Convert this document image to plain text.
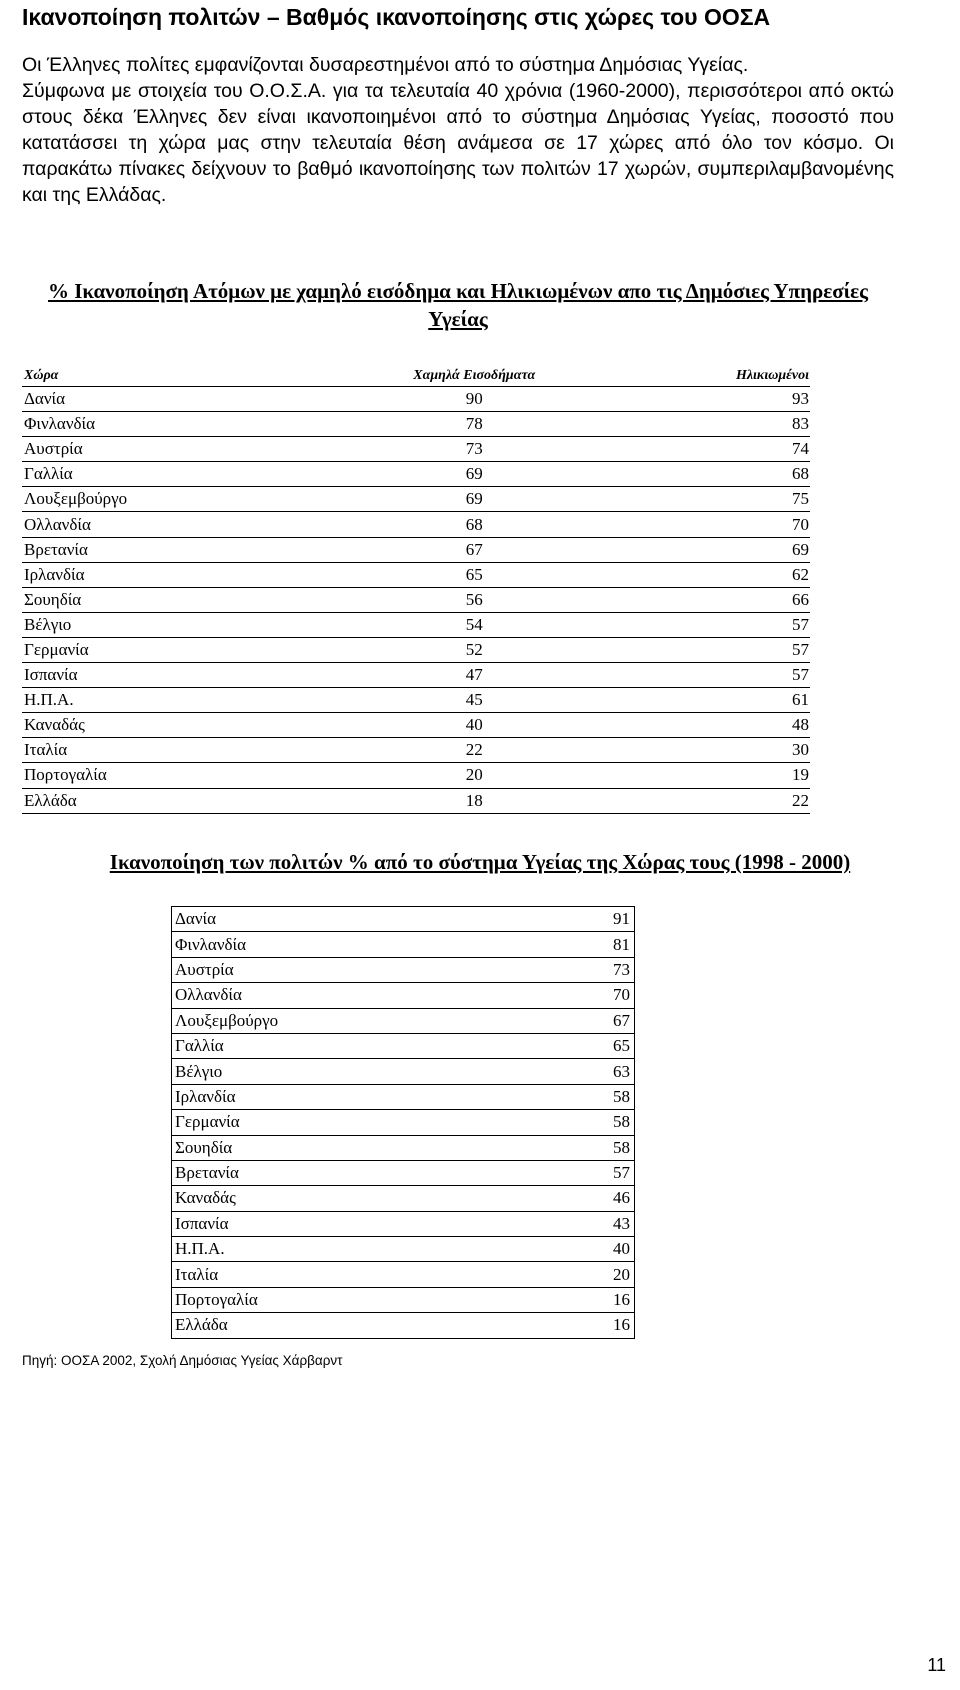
Ικανοποίηση πολιτών – Βαθμός ικανοποίησης στις χώρες του ΟΟΣΑ

Οι Έλληνες πολίτες εμφανίζονται δυσαρεστημένοι από το σύστημα Δημόσιας Υγείας.

Σύμφωνα με στοιχεία του Ο.Ο.Σ.Α. για τα τελευταία 40 χρόνια (1960-2000), περισσότεροι από οκτώ στους δέκα Έλληνες δεν είναι ικανοποιημένοι από το σύστημα Δημόσιας Υγείας, ποσοστό που κατατάσσει τη χώρα μας στην τελευταία θέση ανάμεσα σε 17 χώρες από όλο τον κόσμο. Οι παρακάτω πίνακες δείχνουν το βαθμό ικανοποίησης των πολιτών 17 χωρών, συμπεριλαμβανομένης και της Ελλάδας.

% Ικανοποίηση Ατόμων με χαμηλό εισόδημα και Ηλικιωμένων απο τις Δημόσιες Υπηρεσίες Υγείας
Χώρα	Χαμηλά Εισοδήματα	Ηλικιωμένοι
Δανία	90	93
Φινλανδία	78	83
Αυστρία	73	74
Γαλλία	69	68
Λουξεμβούργο	69	75
Ολλανδία	68	70
Βρετανία	67	69
Ιρλανδία	65	62
Σουηδία	56	66
Βέλγιο	54	57
Γερμανία	52	57
Ισπανία	47	57
Η.Π.Α.	45	61
Καναδάς	40	48
Ιταλία	22	30
Πορτογαλία	20	19
Ελλάδα	18	22
Ικανοποίηση των πολιτών % από το σύστημα Υγείας της Χώρας τους (1998 - 2000)
Δανία	91
Φινλανδία	81
Αυστρία	73
Ολλανδία	70
Λουξεμβούργο	67
Γαλλία	65
Βέλγιο	63
Ιρλανδία	58
Γερμανία	58
Σουηδία	58
Βρετανία	57
Καναδάς	46
Ισπανία	43
Η.Π.Α.	40
Ιταλία	20
Πορτογαλία	16
Ελλάδα	16
Πηγή: ΟΟΣΑ 2002, Σχολή Δημόσιας Υγείας Χάρβαρντ
11
